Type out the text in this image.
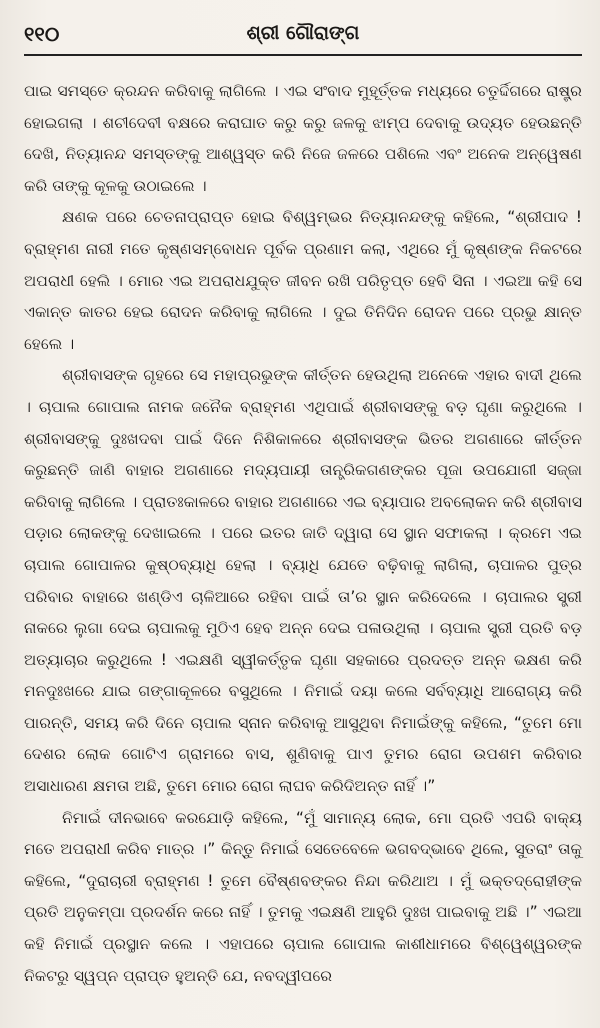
୧୧୦	ଶ୍ରୀ ଗୌରାଙ୍ଗ

ପାଇ ସମସ୍ତେ କ୍ରନ୍ଦନ କରିବାକୁ ଲାଗିଲେ । ଏଇ ସଂବାଦ ମୁହୂର୍ତ୍ତକ ମଧ୍ୟରେ ଚତୁର୍ଦ୍ଦିଗରେ ରାଷ୍ଟ୍ର ହୋଇଗଲା । ଶଚୀଦେବୀ ବକ୍ଷରେ କରାଘାତ କରୁ କରୁ ଜଳକୁ ଝାମ୍ପ ଦେବାକୁ ଉଦ୍ୟତ ହେଉଛନ୍ତି ଦେଖି, ନିତ୍ୟାନନ୍ଦ ସମସ୍ତଙ୍କୁ ଆଶ୍ୱସ୍ତ କରି ନିଜେ ଜଳରେ ପଶିଲେ ଏବଂ ଅନେକ ଅନ୍ୱେଷଣ କରି ତାଙ୍କୁ କୂଳକୁ ଉଠାଇଲେ ।

କ୍ଷଣକ ପରେ ଚେତନାପ୍ରାପ୍ତ ହୋଇ ବିଶ୍ୱମ୍ଭର ନିତ୍ୟାନନ୍ଦଙ୍କୁ କହିଲେ, “ଶ୍ରୀପାଦ ! ବ୍ରାହ୍ମଣ ନାରୀ ମତେ କୃଷ୍ଣସମ୍ବୋଧନ ପୂର୍ବକ ପ୍ରଣାମ କଲା, ଏଥିରେ ମୁଁ କୃଷ୍ଣଙ୍କ ନିକଟରେ ଅପରାଧୀ ହେଲି । ମୋର ଏଇ ଅପରାଧଯୁକ୍ତ ଜୀବନ ରଖି ପରିତୃପ୍ତ ହେବି ସିନା । ଏଇଆ କହି ସେ ଏକାନ୍ତ କାତର ହେଇ ରୋଦନ କରିବାକୁ ଲାଗିଲେ । ଦୁଇ ତିନିଦିନ ରୋଦନ ପରେ ପ୍ରଭୁ କ୍ଷାନ୍ତ ହେଲେ ।

ଶ୍ରୀବାସଙ୍କ ଗୃହରେ ସେ ମହାପ୍ରଭୁଙ୍କ କୀର୍ତ୍ତନ ହେଉଥିଲା ଅନେକେ ଏହାର ବାଦୀ ଥିଲେ । ଚାପାଲ ଗୋପାଲ ନାମକ ଜନୈକ ବ୍ରାହ୍ମଣ ଏଥିପାଇଁ ଶ୍ରୀବାସଙ୍କୁ ବଡ଼ ଘୃଣା କରୁଥିଲେ । ଶ୍ରୀବାସଙ୍କୁ ଦୁଃଖଦବା ପାଇଁ ଦିନେ ନିଶିକାଳରେ ଶ୍ରୀବାସଙ୍କ ଭିତର ଅଗଣାରେ କୀର୍ତ୍ତନ କରୁଛନ୍ତି ଜାଣି ବାହାର ଅଗଣାରେ ମଦ୍ୟପାୟୀ ତାନ୍ତ୍ରିକଗଣଙ୍କର ପୂଜା ଉପଯୋଗୀ ସଜ୍ଜା କରିବାକୁ ଲାଗିଲେ । ପ୍ରାତଃକାଳରେ ବାହାର ଅଗଣାରେ ଏଇ ବ୍ୟାପାର ଅବଲୋକନ କରି ଶ୍ରୀବାସ ପଡ଼ାର ଲୋକଙ୍କୁ ଦେଖାଇଲେ । ପରେ ଇତର ଜାତି ଦ୍ୱାରା ସେ ସ୍ଥାନ ସଫାକଲା । କ୍ରମେ ଏଇ ଚାପାଲ ଗୋପାଳର କୁଷ୍ଠବ୍ୟାଧି ହେଲା । ବ୍ୟାଧି ଯେତେ ବଢ଼ିବାକୁ ଲାଗିଲା, ଚାପାଳର ପୁତ୍ର ପରିବାର ବାହାରେ ଖଣ୍ଡିଏ ଚାଳିଆରେ ରହିବା ପାଇଁ ତା’ର ସ୍ଥାନ କରିଦେଲେ । ଚାପାଲର ସ୍ତ୍ରୀ ନାକରେ ଲୁଗା ଦେଇ ଚାପାଲକୁ ମୁଠିଏ ହେବ ଅନ୍ନ ଦେଇ ପଳାଉଥିଲା । ଚାପାଲ ସ୍ତ୍ରୀ ପ୍ରତି ବଡ଼ ଅତ୍ୟାଚାର କରୁଥିଲେ ! ଏଇକ୍ଷଣି ସ୍ୱୀକର୍ତ୍ତୃକ ଘୃଣା ସହକାରେ ପ୍ରଦତ୍ତ ଅନ୍ନ ଭକ୍ଷଣ କରି ମନଦୁଃଖରେ ଯାଇ ଗଙ୍ଗାକୂଳରେ ବସୁଥିଲେ । ନିମାଇଁ ଦୟା କଲେ ସର୍ବବ୍ୟାଧି ଆରୋଗ୍ୟ କରି ପାରନ୍ତି, ସମୟ କରି ଦିନେ ଚାପାଲ ସ୍ନାନ କରିବାକୁ ଆସୁଥିବା ନିମାଇଁଙ୍କୁ କହିଲେ, “ତୁମେ ମୋ ଦେଶର ଲୋକ ଗୋଟିଏ ଗ୍ରାମରେ ବାସ, ଶୁଣିବାକୁ ପାଏ ତୁମର ରୋଗ ଉପଶମ କରିବାର ଅସାଧାରଣ କ୍ଷମତା ଅଛି, ତୁମେ ମୋର ରୋଗ ଲାଘବ କରିଦିଅନ୍ତ ନାହିଁ ।”

ନିମାଇଁ ଦୀନଭାବେ କରଯୋଡ଼ି କହିଲେ, “ମୁଁ ସାମାନ୍ୟ ଲୋକ, ମୋ ପ୍ରତି ଏପରି ବାକ୍ୟ ମତେ ଅପରାଧୀ କରିବ ମାତ୍ର ।” କିନ୍ତୁ ନିମାଇଁ ସେତେବେଳେ ଭଗବଦ୍‌ଭାବେ ଥିଲେ, ସୁତରାଂ ତାକୁ କହିଲେ, “ଦୁରାଚାରୀ ବ୍ରାହ୍ମଣ ! ତୁମେ ବୈଷ୍ଣବଙ୍କର ନିନ୍ଦା କରିଥାଅ । ମୁଁ ଭକ୍ତଦ୍ରୋହୀଙ୍କ ପ୍ରତି ଅନୁକମ୍ପା ପ୍ରଦର୍ଶନ କରେ ନାହିଁ । ତୁମକୁ ଏଇକ୍ଷଣି ଆହୁରି ଦୁଃଖ ପାଇବାକୁ ଅଛି ।” ଏଇଆ କହି ନିମାଇଁ ପ୍ରସ୍ଥାନ କଲେ । ଏହାପରେ ଚାପାଲ ଗୋପାଲ କାଶୀଧାମରେ ବିଶ୍ୱେଶ୍ୱରଙ୍କ ନିକଟରୁ ସ୍ୱପ୍ନ ପ୍ରାପ୍ତ ହୁଅନ୍ତି ଯେ, ନବଦ୍ୱୀପରେ
